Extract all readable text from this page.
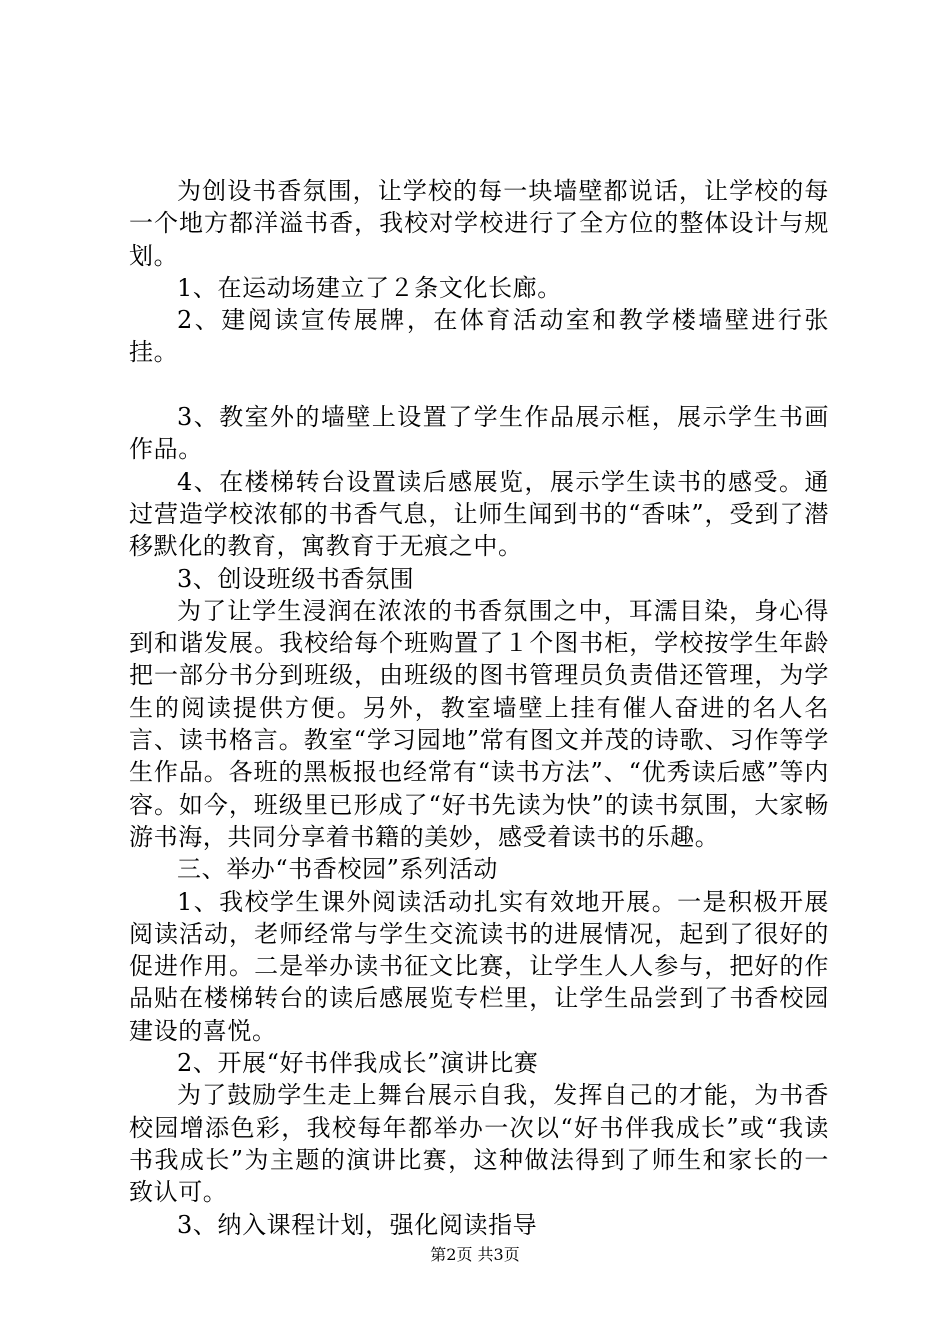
为创设书香氛围，让学校的每一块墙壁都说话，让学校的每一个地方都洋溢书香，我校对学校进行了全方位的整体设计与规划。

1、在运动场建立了２条文化长廊。

2、建阅读宣传展牌，在体育活动室和教学楼墙壁进行张挂。

3、教室外的墙壁上设置了学生作品展示框，展示学生书画作品。

4、在楼梯转台设置读后感展览，展示学生读书的感受。通过营造学校浓郁的书香气息，让师生闻到书的“香味”，受到了潜移默化的教育，寓教育于无痕之中。

3、创设班级书香氛围

为了让学生浸润在浓浓的书香氛围之中，耳濡目染，身心得到和谐发展。我校给每个班购置了１个图书柜，学校按学生年龄把一部分书分到班级，由班级的图书管理员负责借还管理，为学生的阅读提供方便。另外，教室墙壁上挂有催人奋进的名人名言、读书格言。教室“学习园地”常有图文并茂的诗歌、习作等学生作品。各班的黑板报也经常有“读书方法”、“优秀读后感”等内容。如今，班级里已形成了“好书先读为快”的读书氛围，大家畅游书海，共同分享着书籍的美妙，感受着读书的乐趣。

三、举办“书香校园”系列活动

1、我校学生课外阅读活动扎实有效地开展。一是积极开展阅读活动，老师经常与学生交流读书的进展情况，起到了很好的促进作用。二是举办读书征文比赛，让学生人人参与，把好的作品贴在楼梯转台的读后感展览专栏里，让学生品尝到了书香校园建设的喜悦。

2、开展“好书伴我成长”演讲比赛

为了鼓励学生走上舞台展示自我，发挥自己的才能，为书香校园增添色彩，我校每年都举办一次以“好书伴我成长”或“我读书我成长”为主题的演讲比赛，这种做法得到了师生和家长的一致认可。

3、纳入课程计划，强化阅读指导

第2页 共3页
